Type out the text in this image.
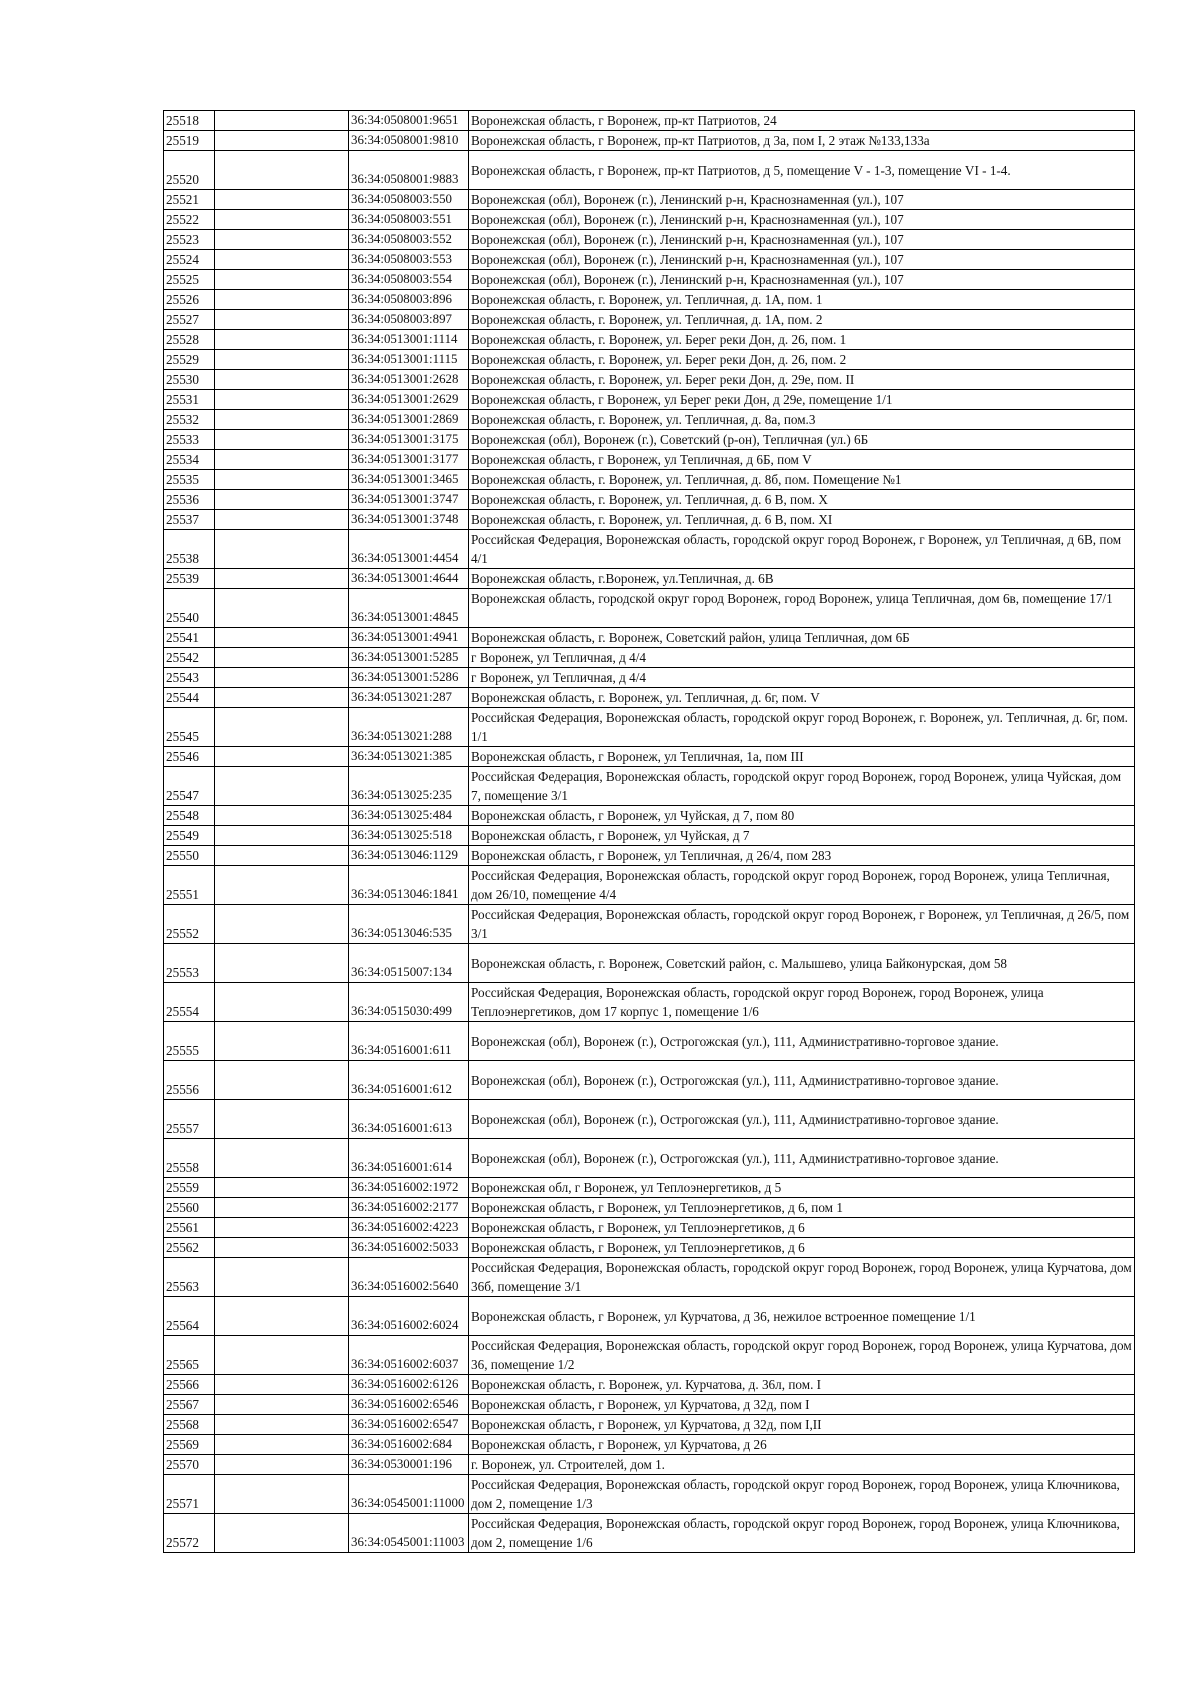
25518		36:34:0508001:9651	Воронежская область, г Воронеж, пр-кт Патриотов, 24
25519		36:34:0508001:9810	Воронежская область, г Воронеж, пр-кт Патриотов, д 3а, пом I, 2 этаж №133,133а
25520		36:34:0508001:9883	Воронежская область, г Воронеж, пр-кт Патриотов, д 5, помещение V - 1-3, помещение VI - 1-4.
25521		36:34:0508003:550	Воронежская (обл), Воронеж (г.), Ленинский р-н, Краснознаменная (ул.), 107
25522		36:34:0508003:551	Воронежская (обл), Воронеж (г.), Ленинский р-н, Краснознаменная (ул.), 107
25523		36:34:0508003:552	Воронежская (обл), Воронеж (г.), Ленинский р-н, Краснознаменная (ул.), 107
25524		36:34:0508003:553	Воронежская (обл), Воронеж (г.), Ленинский р-н, Краснознаменная (ул.), 107
25525		36:34:0508003:554	Воронежская (обл), Воронеж (г.), Ленинский р-н, Краснознаменная (ул.), 107
25526		36:34:0508003:896	Воронежская область, г. Воронеж, ул. Тепличная, д. 1А, пом. 1
25527		36:34:0508003:897	Воронежская область, г. Воронеж, ул. Тепличная, д. 1А, пом. 2
25528		36:34:0513001:1114	Воронежская область, г. Воронеж, ул. Берег реки Дон, д. 26, пом. 1
25529		36:34:0513001:1115	Воронежская область, г. Воронеж, ул. Берег реки Дон, д. 26, пом. 2
25530		36:34:0513001:2628	Воронежская область, г. Воронеж, ул. Берег реки Дон, д. 29е, пом. II
25531		36:34:0513001:2629	Воронежская область, г Воронеж, ул Берег реки Дон, д 29е, помещение 1/1
25532		36:34:0513001:2869	Воронежская область, г. Воронеж, ул. Тепличная, д. 8а, пом.3
25533		36:34:0513001:3175	Воронежская (обл), Воронеж (г.), Советский (р-он), Тепличная (ул.) 6Б
25534		36:34:0513001:3177	Воронежская область, г Воронеж, ул Тепличная, д 6Б, пом V
25535		36:34:0513001:3465	Воронежская область, г. Воронеж, ул. Тепличная, д. 8б, пом. Помещение №1
25536		36:34:0513001:3747	Воронежская область, г. Воронеж, ул. Тепличная, д. 6 В, пом. X
25537		36:34:0513001:3748	Воронежская область, г. Воронеж, ул. Тепличная, д. 6 В, пом. XI
25538		36:34:0513001:4454	Российская Федерация, Воронежская область, городской округ город Воронеж, г Воронеж, ул Тепличная, д 6В, пом 4/1
25539		36:34:0513001:4644	Воронежская область, г.Воронеж, ул.Тепличная, д. 6В
25540		36:34:0513001:4845	Воронежская область, городской округ город Воронеж, город Воронеж, улица Тепличная, дом 6в, помещение 17/1
25541		36:34:0513001:4941	Воронежская область, г. Воронеж, Советский район, улица Тепличная, дом 6Б
25542		36:34:0513001:5285	г Воронеж, ул Тепличная, д 4/4
25543		36:34:0513001:5286	г Воронеж, ул Тепличная, д 4/4
25544		36:34:0513021:287	Воронежская область, г. Воронеж, ул. Тепличная, д. 6г, пом. V
25545		36:34:0513021:288	Российская Федерация, Воронежская область, городской округ город Воронеж, г. Воронеж, ул. Тепличная, д. 6г, пом. 1/1
25546		36:34:0513021:385	Воронежская область, г Воронеж, ул Тепличная, 1а, пом III
25547		36:34:0513025:235	Российская Федерация, Воронежская область, городской округ город Воронеж, город Воронеж, улица Чуйская, дом 7, помещение 3/1
25548		36:34:0513025:484	Воронежская область, г Воронеж, ул Чуйская, д 7, пом 80
25549		36:34:0513025:518	Воронежская область, г Воронеж, ул Чуйская, д 7
25550		36:34:0513046:1129	Воронежская область, г Воронеж, ул Тепличная, д 26/4, пом 283
25551		36:34:0513046:1841	Российская Федерация, Воронежская область, городской округ город Воронеж, город Воронеж, улица Тепличная, дом 26/10, помещение 4/4
25552		36:34:0513046:535	Российская Федерация, Воронежская область, городской округ город Воронеж, г Воронеж, ул Тепличная, д 26/5, пом 3/1
25553		36:34:0515007:134	Воронежская область, г. Воронеж, Советский район, с. Малышево, улица Байконурская, дом 58
25554		36:34:0515030:499	Российская Федерация, Воронежская область, городской округ город Воронеж, город Воронеж, улица Теплоэнергетиков, дом 17 корпус 1, помещение 1/6
25555		36:34:0516001:611	Воронежская (обл), Воронеж (г.), Острогожская (ул.), 111, Административно-торговое здание.
25556		36:34:0516001:612	Воронежская (обл), Воронеж (г.), Острогожская (ул.), 111, Административно-торговое здание.
25557		36:34:0516001:613	Воронежская (обл), Воронеж (г.), Острогожская (ул.), 111, Административно-торговое здание.
25558		36:34:0516001:614	Воронежская (обл), Воронеж (г.), Острогожская (ул.), 111, Административно-торговое здание.
25559		36:34:0516002:1972	Воронежская обл, г Воронеж, ул Теплоэнергетиков, д 5
25560		36:34:0516002:2177	Воронежская область, г Воронеж, ул Теплоэнергетиков, д 6, пом 1
25561		36:34:0516002:4223	Воронежская область, г Воронеж, ул Теплоэнергетиков, д 6
25562		36:34:0516002:5033	Воронежская область, г Воронеж, ул Теплоэнергетиков, д 6
25563		36:34:0516002:5640	Российская Федерация, Воронежская область, городской округ город Воронеж, город Воронеж, улица Курчатова, дом 36б, помещение 3/1
25564		36:34:0516002:6024	Воронежская область, г Воронеж, ул Курчатова, д 36, нежилое встроенное помещение 1/1
25565		36:34:0516002:6037	Российская Федерация, Воронежская область, городской округ город Воронеж, город Воронеж, улица Курчатова, дом 36, помещение 1/2
25566		36:34:0516002:6126	Воронежская область, г. Воронеж, ул. Курчатова, д. 36л, пом. I
25567		36:34:0516002:6546	Воронежская область, г Воронеж, ул Курчатова, д 32д, пом I
25568		36:34:0516002:6547	Воронежская область, г Воронеж, ул Курчатова, д 32д, пом I,II
25569		36:34:0516002:684	Воронежская область, г Воронеж, ул Курчатова, д 26
25570		36:34:0530001:196	г. Воронеж, ул. Строителей, дом 1.
25571		36:34:0545001:11000	Российская Федерация, Воронежская область, городской округ город Воронеж, город Воронеж, улица Ключникова, дом 2, помещение 1/3
25572		36:34:0545001:11003	Российская Федерация, Воронежская область, городской округ город Воронеж, город Воронеж, улица Ключникова, дом 2, помещение 1/6
